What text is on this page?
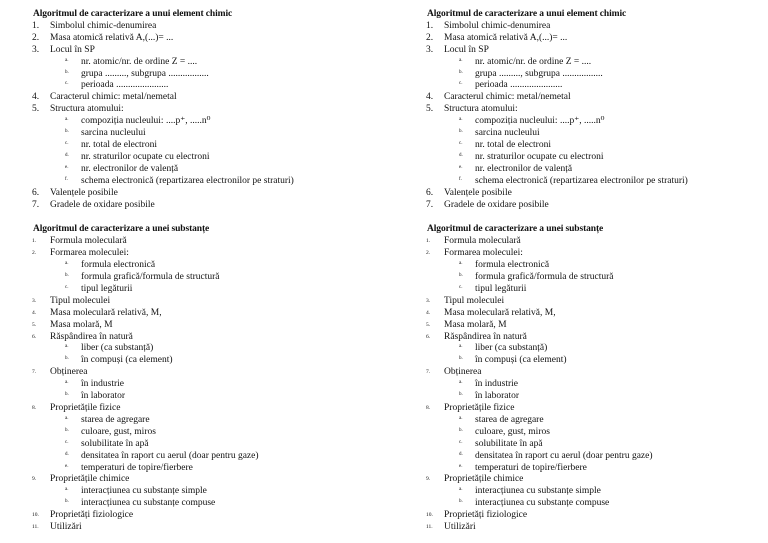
Algoritmul de caracterizare a unui element chimic
1. Simbolul chimic-denumirea
2. Masa atomică relativă A,(...)= ...
3. Locul în SP
a. nr. atomic/nr. de ordine Z = ....
b. grupa ........., subgrupa .................
c. perioada ......................
4. Caracterul chimic: metal/nemetal
5. Structura atomului:
a. compoziția nucleului: ....p⁺, .....n⁰
b. sarcina nucleului
c. nr. total de electroni
d. nr. straturilor ocupate cu electroni
e. nr. electronilor de valență
f. schema electronică (repartizarea electronilor pe straturi)
6. Valențele posibile
7. Gradele de oxidare posibile
Algoritmul de caracterizare a unei substanțe
1. Formula moleculară
2. Formarea moleculei:
a. formula electronică
b. formula grafică/formula de structură
c. tipul legăturii
3. Tipul moleculei
4. Masa moleculară relativă, M,
5. Masa molară, M
6. Răspândirea în natură
a. liber (ca substanță)
b. în compuși (ca element)
7. Obținerea
a. în industrie
b. în laborator
8. Proprietățile fizice
a. starea de agregare
b. culoare, gust, miros
c. solubilitate în apă
d. densitatea în raport cu aerul (doar pentru gaze)
e. temperaturi de topire/fierbere
9. Proprietățile chimice
a. interacțiunea cu substanțe simple
b. interacțiunea cu substanțe compuse
10. Proprietăți fiziologice
11. Utilizări
Algoritmul de caracterizare a unui element chimic
1. Simbolul chimic-denumirea
2. Masa atomică relativă A,(...)= ...
3. Locul în SP
a. nr. atomic/nr. de ordine Z = ....
b. grupa ........., subgrupa .................
c. perioada ......................
4. Caracterul chimic: metal/nemetal
5. Structura atomului:
a. compoziția nucleului: ....p⁺, .....n⁰
b. sarcina nucleului
c. nr. total de electroni
d. nr. straturilor ocupate cu electroni
e. nr. electronilor de valență
f. schema electronică (repartizarea electronilor pe straturi)
6. Valențele posibile
7. Gradele de oxidare posibile
Algoritmul de caracterizare a unei substanțe
1. Formula moleculară
2. Formarea moleculei:
a. formula electronică
b. formula grafică/formula de structură
c. tipul legăturii
3. Tipul moleculei
4. Masa moleculară relativă, M,
5. Masa molară, M
6. Răspândirea în natură
a. liber (ca substanță)
b. în compuși (ca element)
7. Obținerea
a. în industrie
b. în laborator
8. Proprietățile fizice
a. starea de agregare
b. culoare, gust, miros
c. solubilitate în apă
d. densitatea în raport cu aerul (doar pentru gaze)
e. temperaturi de topire/fierbere
9. Proprietățile chimice
a. interacțiunea cu substanțe simple
b. interacțiunea cu substanțe compuse
10. Proprietăți fiziologice
11. Utilizări
